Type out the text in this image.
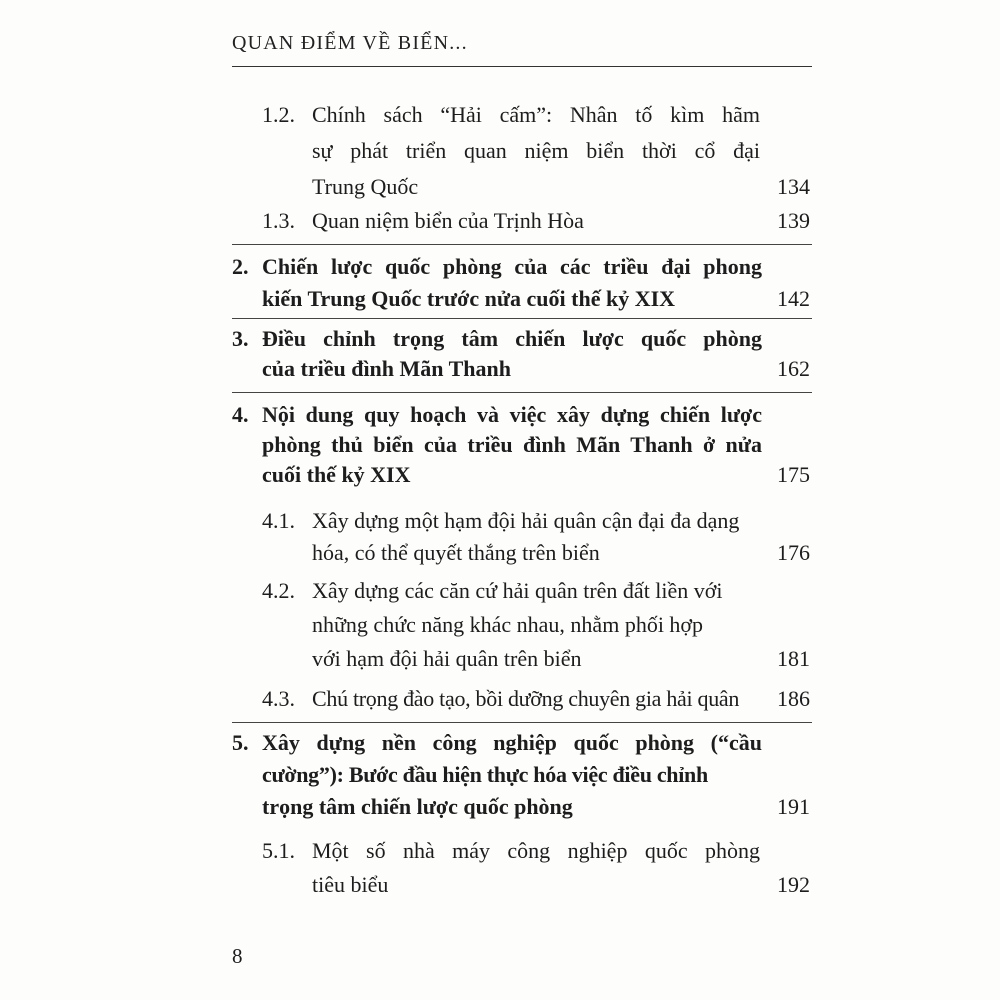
QUAN ĐIỂM VỀ BIỂN...
1.2. Chính sách “Hải cấm”: Nhân tố kìm hãm
sự phát triển quan niệm biển thời cổ đại
Trung Quốc	134
1.3. Quan niệm biển của Trịnh Hòa	139
2. Chiến lược quốc phòng của các triều đại phong
kiến Trung Quốc trước nửa cuối thế kỷ XIX	142
3. Điều chỉnh trọng tâm chiến lược quốc phòng
của triều đình Mãn Thanh	162
4. Nội dung quy hoạch và việc xây dựng chiến lược
phòng thủ biển của triều đình Mãn Thanh ở nửa
cuối thế kỷ XIX	175
4.1. Xây dựng một hạm đội hải quân cận đại đa dạng
hóa, có thể quyết thắng trên biển	176
4.2. Xây dựng các căn cứ hải quân trên đất liền với
những chức năng khác nhau, nhằm phối hợp
với hạm đội hải quân trên biển	181
4.3. Chú trọng đào tạo, bồi dưỡng chuyên gia hải quân 186
5. Xây dựng nền công nghiệp quốc phòng (“cầu
cường”): Bước đầu hiện thực hóa việc điều chỉnh
trọng tâm chiến lược quốc phòng	191
5.1. Một số nhà máy công nghiệp quốc phòng
tiêu biểu	192
8
